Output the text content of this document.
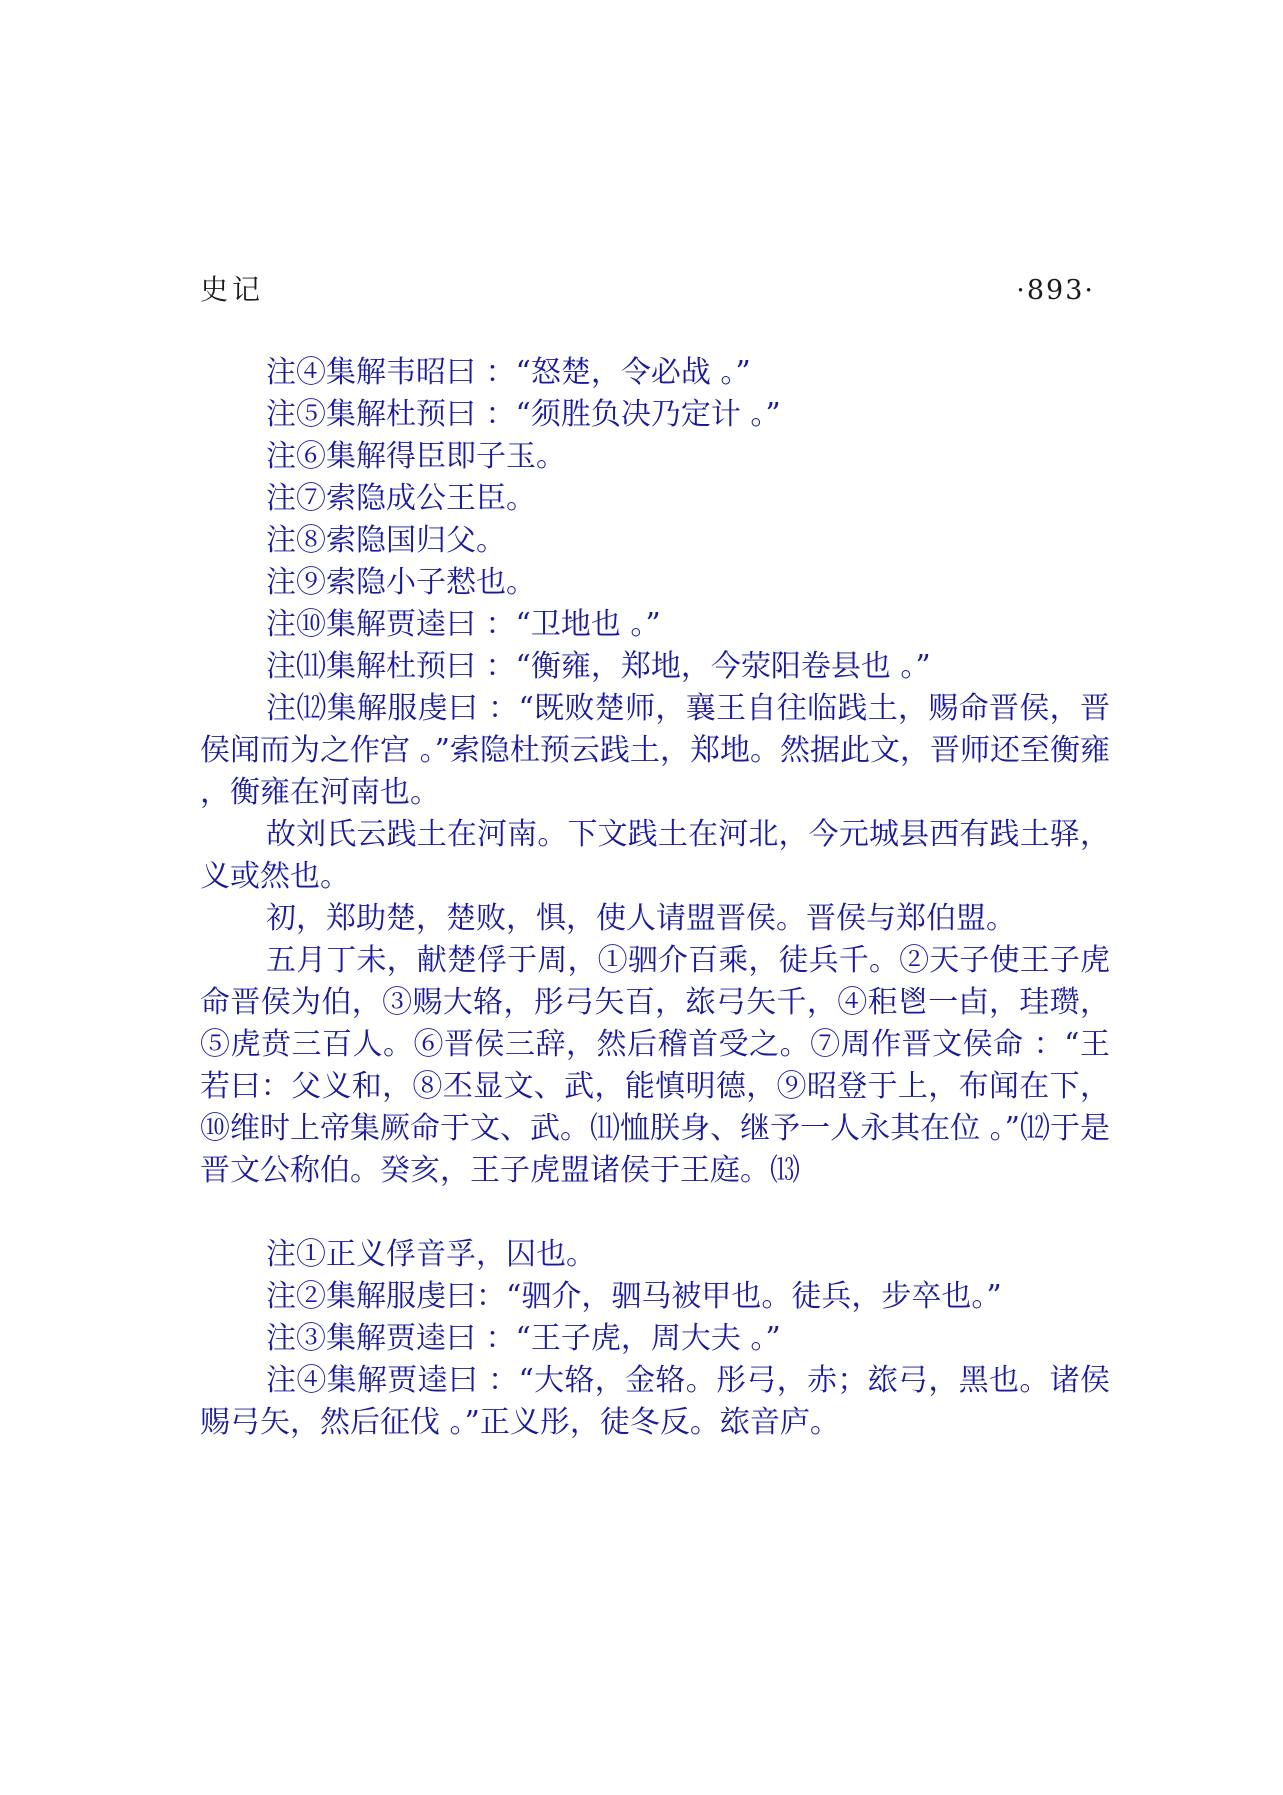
史记	·893·

注④集解韦昭曰 ：“怒楚，令必战 。”

注⑤集解杜预曰 ：“须胜负决乃定计 。”

注⑥集解得臣即子玉。

注⑦索隐成公王臣。

注⑧索隐国归父。

注⑨索隐小子慭也。

注⑩集解贾逵曰 ：“卫地也 。”

注⑾集解杜预曰 ：“衡雍，郑地，今荥阳卷县也 。”

注⑿集解服虔曰 ：“既败楚师，襄王自往临践土，赐命晋侯，晋侯闻而为之作宫 。”索隐杜预云践土，郑地。然据此文，晋师还至衡雍，衡雍在河南也。

故刘氏云践土在河南。下文践土在河北，今元城县西有践土驿，义或然也。

初，郑助楚，楚败，惧，使人请盟晋侯。晋侯与郑伯盟。

五月丁未，献楚俘于周，①驷介百乘，徒兵千。②天子使王子虎命晋侯为伯，③赐大辂，彤弓矢百，玈弓矢千，④秬鬯一卣，珪瓒，⑤虎贲三百人。⑥晋侯三辞，然后稽首受之。⑦周作晋文侯命 ：“王若曰：父义和，⑧丕显文、武，能慎明德，⑨昭登于上，布闻在下，⑩维时上帝集厥命于文、武。⑾恤朕身、继予一人永其在位 。”⑿于是晋文公称伯。癸亥，王子虎盟诸侯于王庭。⒀

注①正义俘音孚，囚也。

注②集解服虔曰：“驷介，驷马被甲也。徒兵，步卒也。”

注③集解贾逵曰 ：“王子虎，周大夫 。”

注④集解贾逵曰 ：“大辂，金辂。彤弓，赤；玈弓，黑也。诸侯赐弓矢，然后征伐 。”正义彤，徒冬反。玈音庐。
